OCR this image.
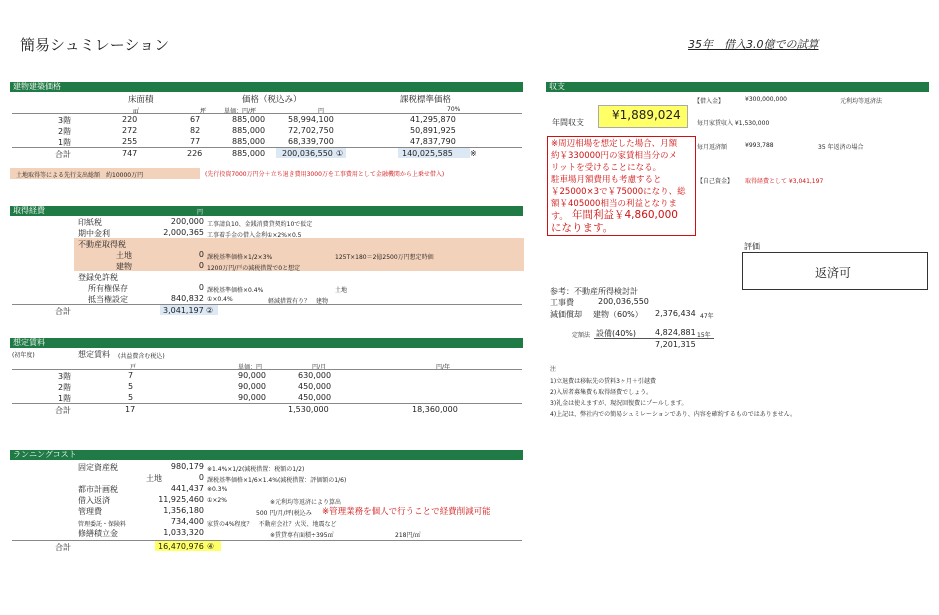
簡易シュミレーション	35年　借入3.0億での試算
建物建築価格
床面積	価格（税込み）	課税標準価格
㎡	坪	単価：円/坪	円	70%
3階	220	67	885,000	58,994,100	41,295,870
2階	272	82	885,000	72,702,750	50,891,925
1階	255	77	885,000	68,339,700	47,837,790
合計	747	226	885,000 200,036,550 ①	140,025,585 ※
土地取得等による先行支出総額　約10000万円	(先行投資7000万円分＋立ち退き費用3000万を工事費用として金融機関から上乗せ借入)
取得経費	円
印紙税	200,000 工事請負10、金銭消費貸契約10で仮定
期中金利	2,000,365 工事着手金の借入金利①×2%×0.5
不動産取得税
土地	0 課税基準価格×1/2×3%	125T×180＝2億2500万円想定時価
建物	0 1200万円/戸の減税措置で0と想定
登録免許税
所有権保存	0 課税基準価格×0.4%	土地
抵当権設定	840,832 ①×0.4%	軽減措置有り？　建物
合計	3,041,197 ②
想定賃料
(初年度)	想定賃料 (共益費含む税込)
戸	単価：円	円/月	円/年
3階	7	90,000	630,000
2階	5	90,000	450,000
1階	5	90,000	450,000
合計	17	1,530,000	18,360,000
ランニングコスト
固定資産税	980,179 ※1.4%×1/2(減税措置：税額の1/2)
土地	0 課税基準価格×1/6×1.4%(減税措置：評価額の1/6)
都市計画税	441,437 ※0.3%
借入返済	11,925,460 ①×2%	※元利均等返済により算出
管理費	1,356,180	500 円/月/坪(税込み ※管理業務を個人で行うことで経費削減可能
管理委託・保険料	734,400 家賃の4%程度？　不動産会社？火災、地震など
修繕積立金	1,033,320	※賃貸専有面積÷395㎡	218円/㎡
合計	16,470,976 ④
収支
【借入金】	¥300,000,000	元利均等返済法
年間収支
¥1,889,024
毎月家賃収入 ¥1,530,000
毎月返済額	¥993,788	35 年返済の場合
【自己資金】 取得経費として ¥3,041,197
※周辺相場を想定した場合、月額
約￥330000円の家賃相当分のメ
リットを受けることになる。
駐車場月額費用も考慮すると
￥25000×3で￥75000になり、総
額￥405000相当の利益となりま
す。 年間利益￥4,860,000
になります。
評価
返済可
参考：不動産所得検討計
工事費	200,036,550
減価償却 建物（60%） 2,376,434 47年
定額法 設備(40%) 4,824,881 15年
7,201,315
注
1)立退費は移転先の賃料3ヶ月＋引越費
2)入居者募集費も取得経費でしょう。
3)礼金は使えますが、現況回復費にプールします。
4)上記は、弊社内での簡易シュミレーションであり、内容を確約するものではありません。
